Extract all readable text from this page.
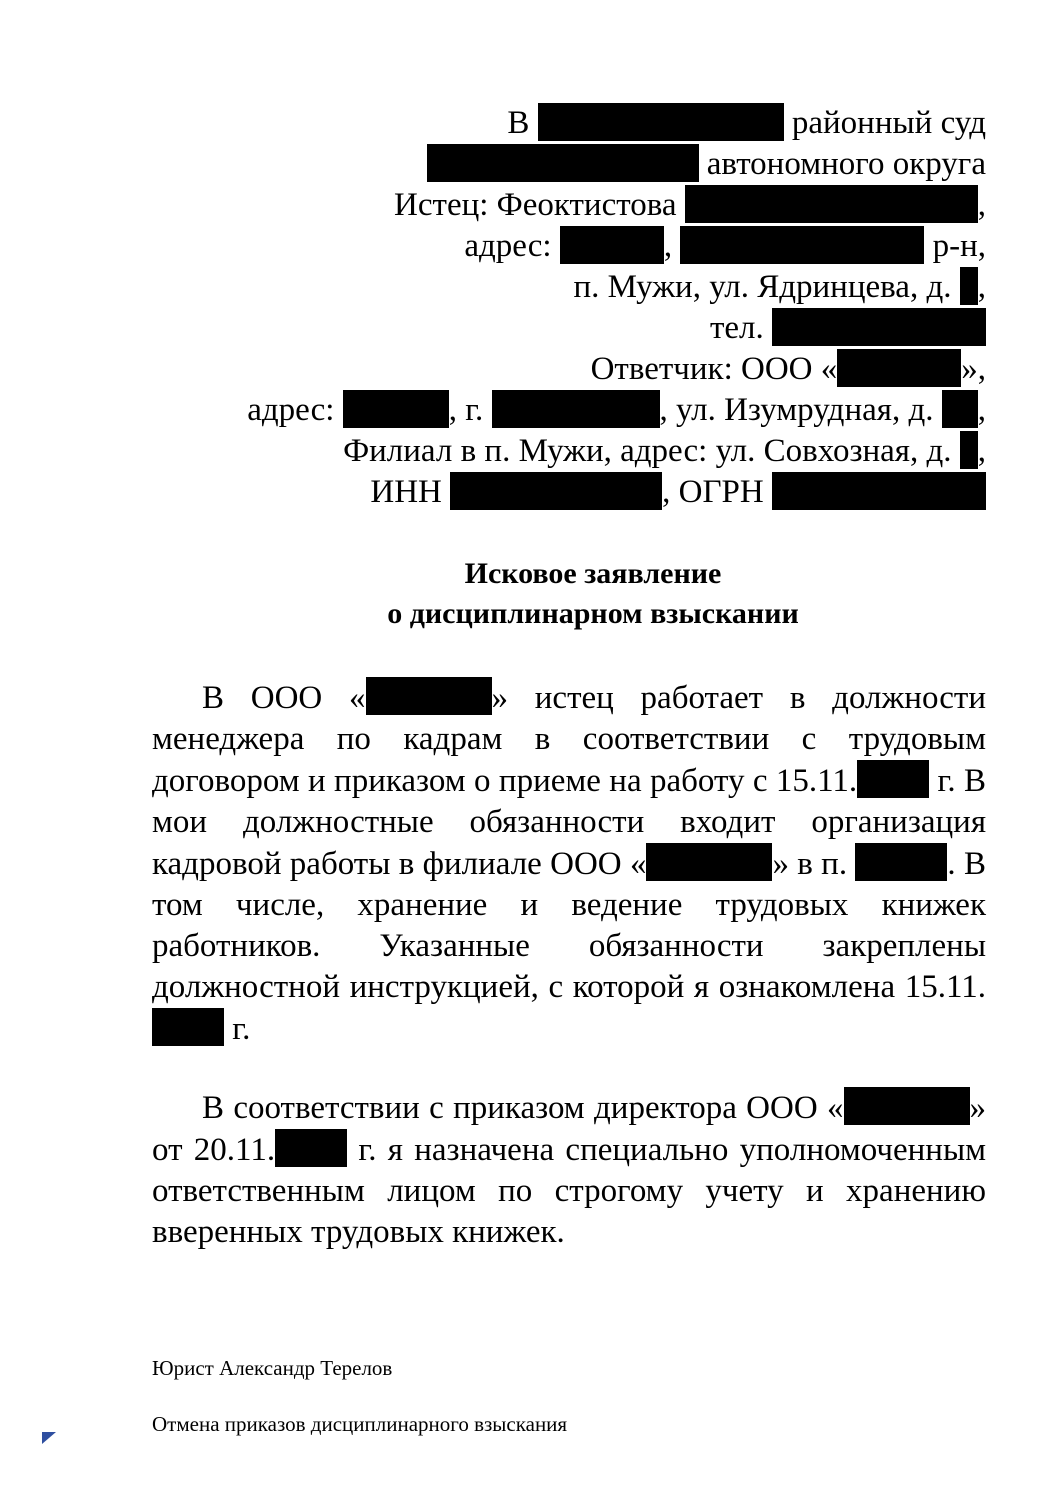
В	районный суд
автономного округа
Истец: Феоктистова	,
адрес:	,	р-н,
п. Мужи, ул. Ядринцева, д. ,
тел.
Ответчик: ООО «	»,
адрес:	, г.	, ул. Изумрудная, д. ,
Филиал в п. Мужи, адрес: ул. Совхозная, д. ,
ИНН	, ОГРН
Исковое заявление
о дисциплинарном взыскании
В ООО «	» истец работает в должности менеджера по кадрам в соответствии с трудовым договором и приказом о приеме на работу с 15.11. г. В мои должностные обязанности входит организация кадровой работы в филиале ООО «	» в п.	. В том числе, хранение и ведение трудовых книжек работников. Указанные обязанности закреплены должностной инструкцией, с которой я ознакомлена 15.11. г.
В соответствии с приказом директора ООО «	» от 20.11. г. я назначена специально уполномоченным ответственным лицом по строгому учету и хранению вверенных трудовых книжек.
Юрист Александр Терелов
Отмена приказов дисциплинарного взыскания
